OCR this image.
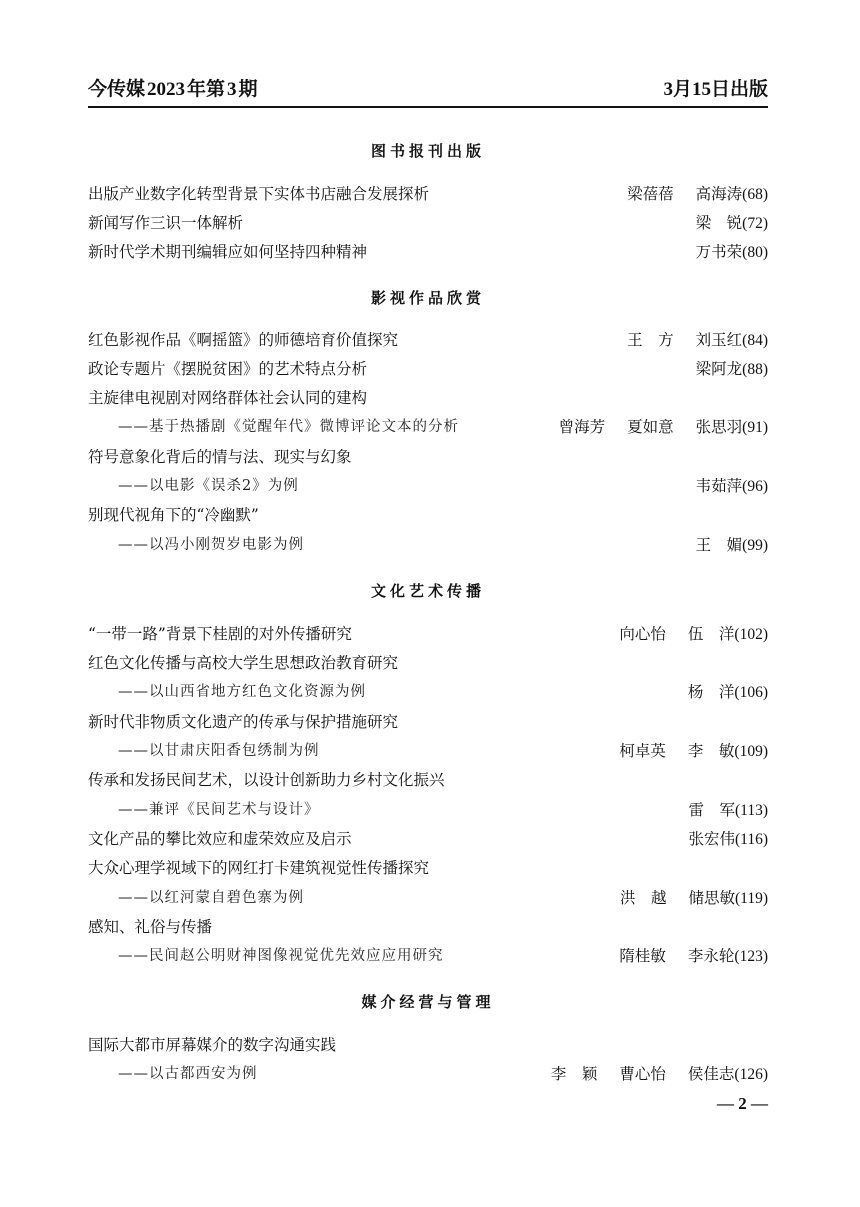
今传媒 2023 年第 3 期	3月15日出版
图书报刊出版
出版产业数字化转型背景下实体书店融合发展探析	梁蓓蓓 高海涛(68)
新闻写作三识一体解析	梁　锐(72)
新时代学术期刊编辑应如何坚持四种精神	万书荣(80)
影视作品欣赏
红色影视作品《啊摇篮》的师德培育价值探究	王　方 刘玉红(84)
政论专题片《摆脱贫困》的艺术特点分析	梁阿龙(88)
主旋律电视剧对网络群体社会认同的建构
——基于热播剧《觉醒年代》微博评论文本的分析	曾海芳 夏如意 张思羽(91)
符号意象化背后的情与法、现实与幻象
——以电影《误杀2》为例	韦茹萍(96)
别现代视角下的“冷幽默”
——以冯小刚贺岁电影为例	王　媚(99)
文化艺术传播
“一带一路”背景下桂剧的对外传播研究	向心怡 伍　洋(102)
红色文化传播与高校大学生思想政治教育研究
——以山西省地方红色文化资源为例	杨　洋(106)
新时代非物质文化遗产的传承与保护措施研究
——以甘肃庆阳香包绣制为例	柯卓英 李　敏(109)
传承和发扬民间艺术，以设计创新助力乡村文化振兴
——兼评《民间艺术与设计》	雷　军(113)
文化产品的攀比效应和虚荣效应及启示	张宏伟(116)
大众心理学视域下的网红打卡建筑视觉性传播探究
——以红河蒙自碧色寨为例	洪　越 储思敏(119)
感知、礼俗与传播
——民间赵公明财神图像视觉优先效应应用研究	隋桂敏 李永轮(123)
媒介经营与管理
国际大都市屏幕媒介的数字沟通实践
——以古都西安为例	李　颖 曹心怡 侯佳志(126)
— 2 —
